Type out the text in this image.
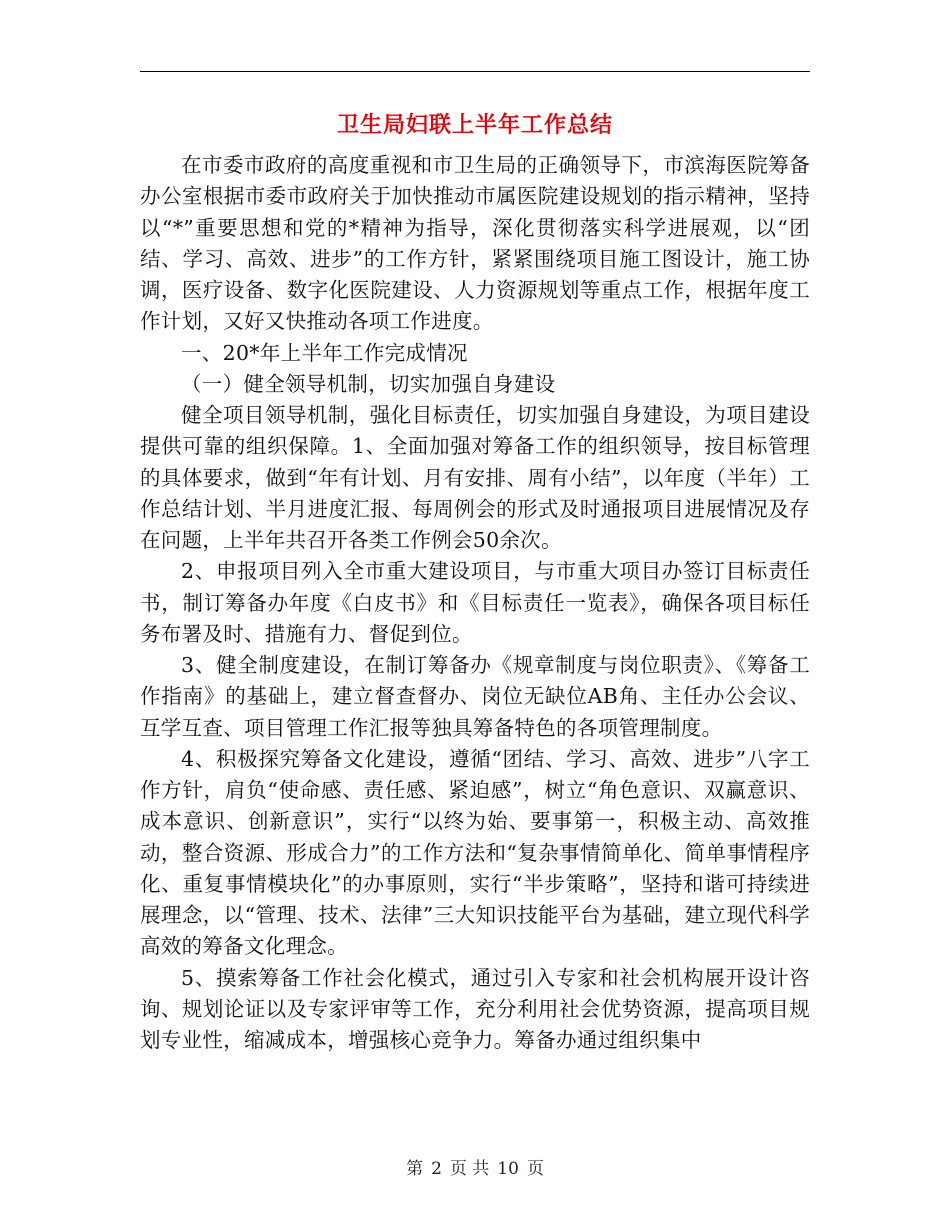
卫生局妇联上半年工作总结

在市委市政府的高度重视和市卫生局的正确领导下，市滨海医院筹备办公室根据市委市政府关于加快推动市属医院建设规划的指示精神，坚持以“*”重要思想和党的*精神为指导，深化贯彻落实科学进展观，以“团结、学习、高效、进步”的工作方针，紧紧围绕项目施工图设计，施工协调，医疗设备、数字化医院建设、人力资源规划等重点工作，根据年度工作计划，又好又快推动各项工作进度。

一、20*年上半年工作完成情况

（一）健全领导机制，切实加强自身建设

健全项目领导机制，强化目标责任，切实加强自身建设，为项目建设提供可靠的组织保障。1、全面加强对筹备工作的组织领导，按目标管理的具体要求，做到“年有计划、月有安排、周有小结”，以年度（半年）工作总结计划、半月进度汇报、每周例会的形式及时通报项目进展情况及存在问题，上半年共召开各类工作例会50余次。

2、申报项目列入全市重大建设项目，与市重大项目办签订目标责任书，制订筹备办年度《白皮书》和《目标责任一览表》，确保各项目标任务布署及时、措施有力、督促到位。

3、健全制度建设，在制订筹备办《规章制度与岗位职责》、《筹备工作指南》的基础上，建立督查督办、岗位无缺位AB角、主任办公会议、互学互查、项目管理工作汇报等独具筹备特色的各项管理制度。

4、积极探究筹备文化建设，遵循“团结、学习、高效、进步”八字工作方针，肩负“使命感、责任感、紧迫感”，树立“角色意识、双赢意识、成本意识、创新意识”，实行“以终为始、要事第一，积极主动、高效推动，整合资源、形成合力”的工作方法和“复杂事情简单化、简单事情程序化、重复事情模块化”的办事原则，实行“半步策略”，坚持和谐可持续进展理念，以“管理、技术、法律”三大知识技能平台为基础，建立现代科学高效的筹备文化理念。

5、摸索筹备工作社会化模式，通过引入专家和社会机构展开设计咨询、规划论证以及专家评审等工作，充分利用社会优势资源，提高项目规划专业性，缩减成本，增强核心竞争力。筹备办通过组织集中

第 2 页 共 10 页
